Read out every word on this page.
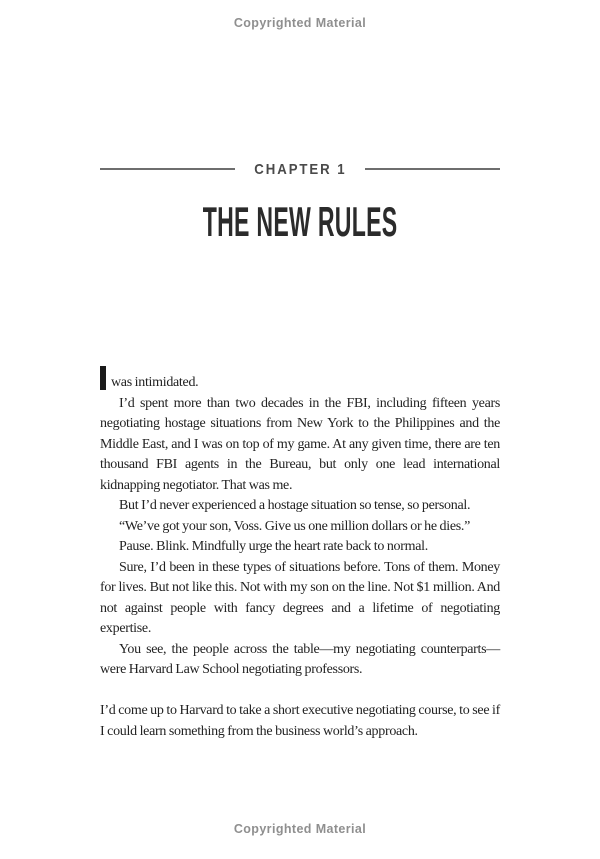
Copyrighted Material
CHAPTER 1
THE NEW RULES

was intimidated.

I’d spent more than two decades in the FBI, including fifteen years negotiating hostage situations from New York to the Philippines and the Middle East, and I was on top of my game. At any given time, there are ten thousand FBI agents in the Bureau, but only one lead international kidnapping negotiator. That was me.

But I’d never experienced a hostage situation so tense, so personal.

“We’ve got your son, Voss. Give us one million dollars or he dies.”

Pause. Blink. Mindfully urge the heart rate back to normal.

Sure, I’d been in these types of situations before. Tons of them. Money for lives. But not like this. Not with my son on the line. Not $1 million. And not against people with fancy degrees and a lifetime of negotiating expertise.

You see, the people across the table—my negotiating counterparts—were Harvard Law School negotiating professors.

I’d come up to Harvard to take a short executive negotiating course, to see if I could learn something from the business world’s approach.

Copyrighted Material
